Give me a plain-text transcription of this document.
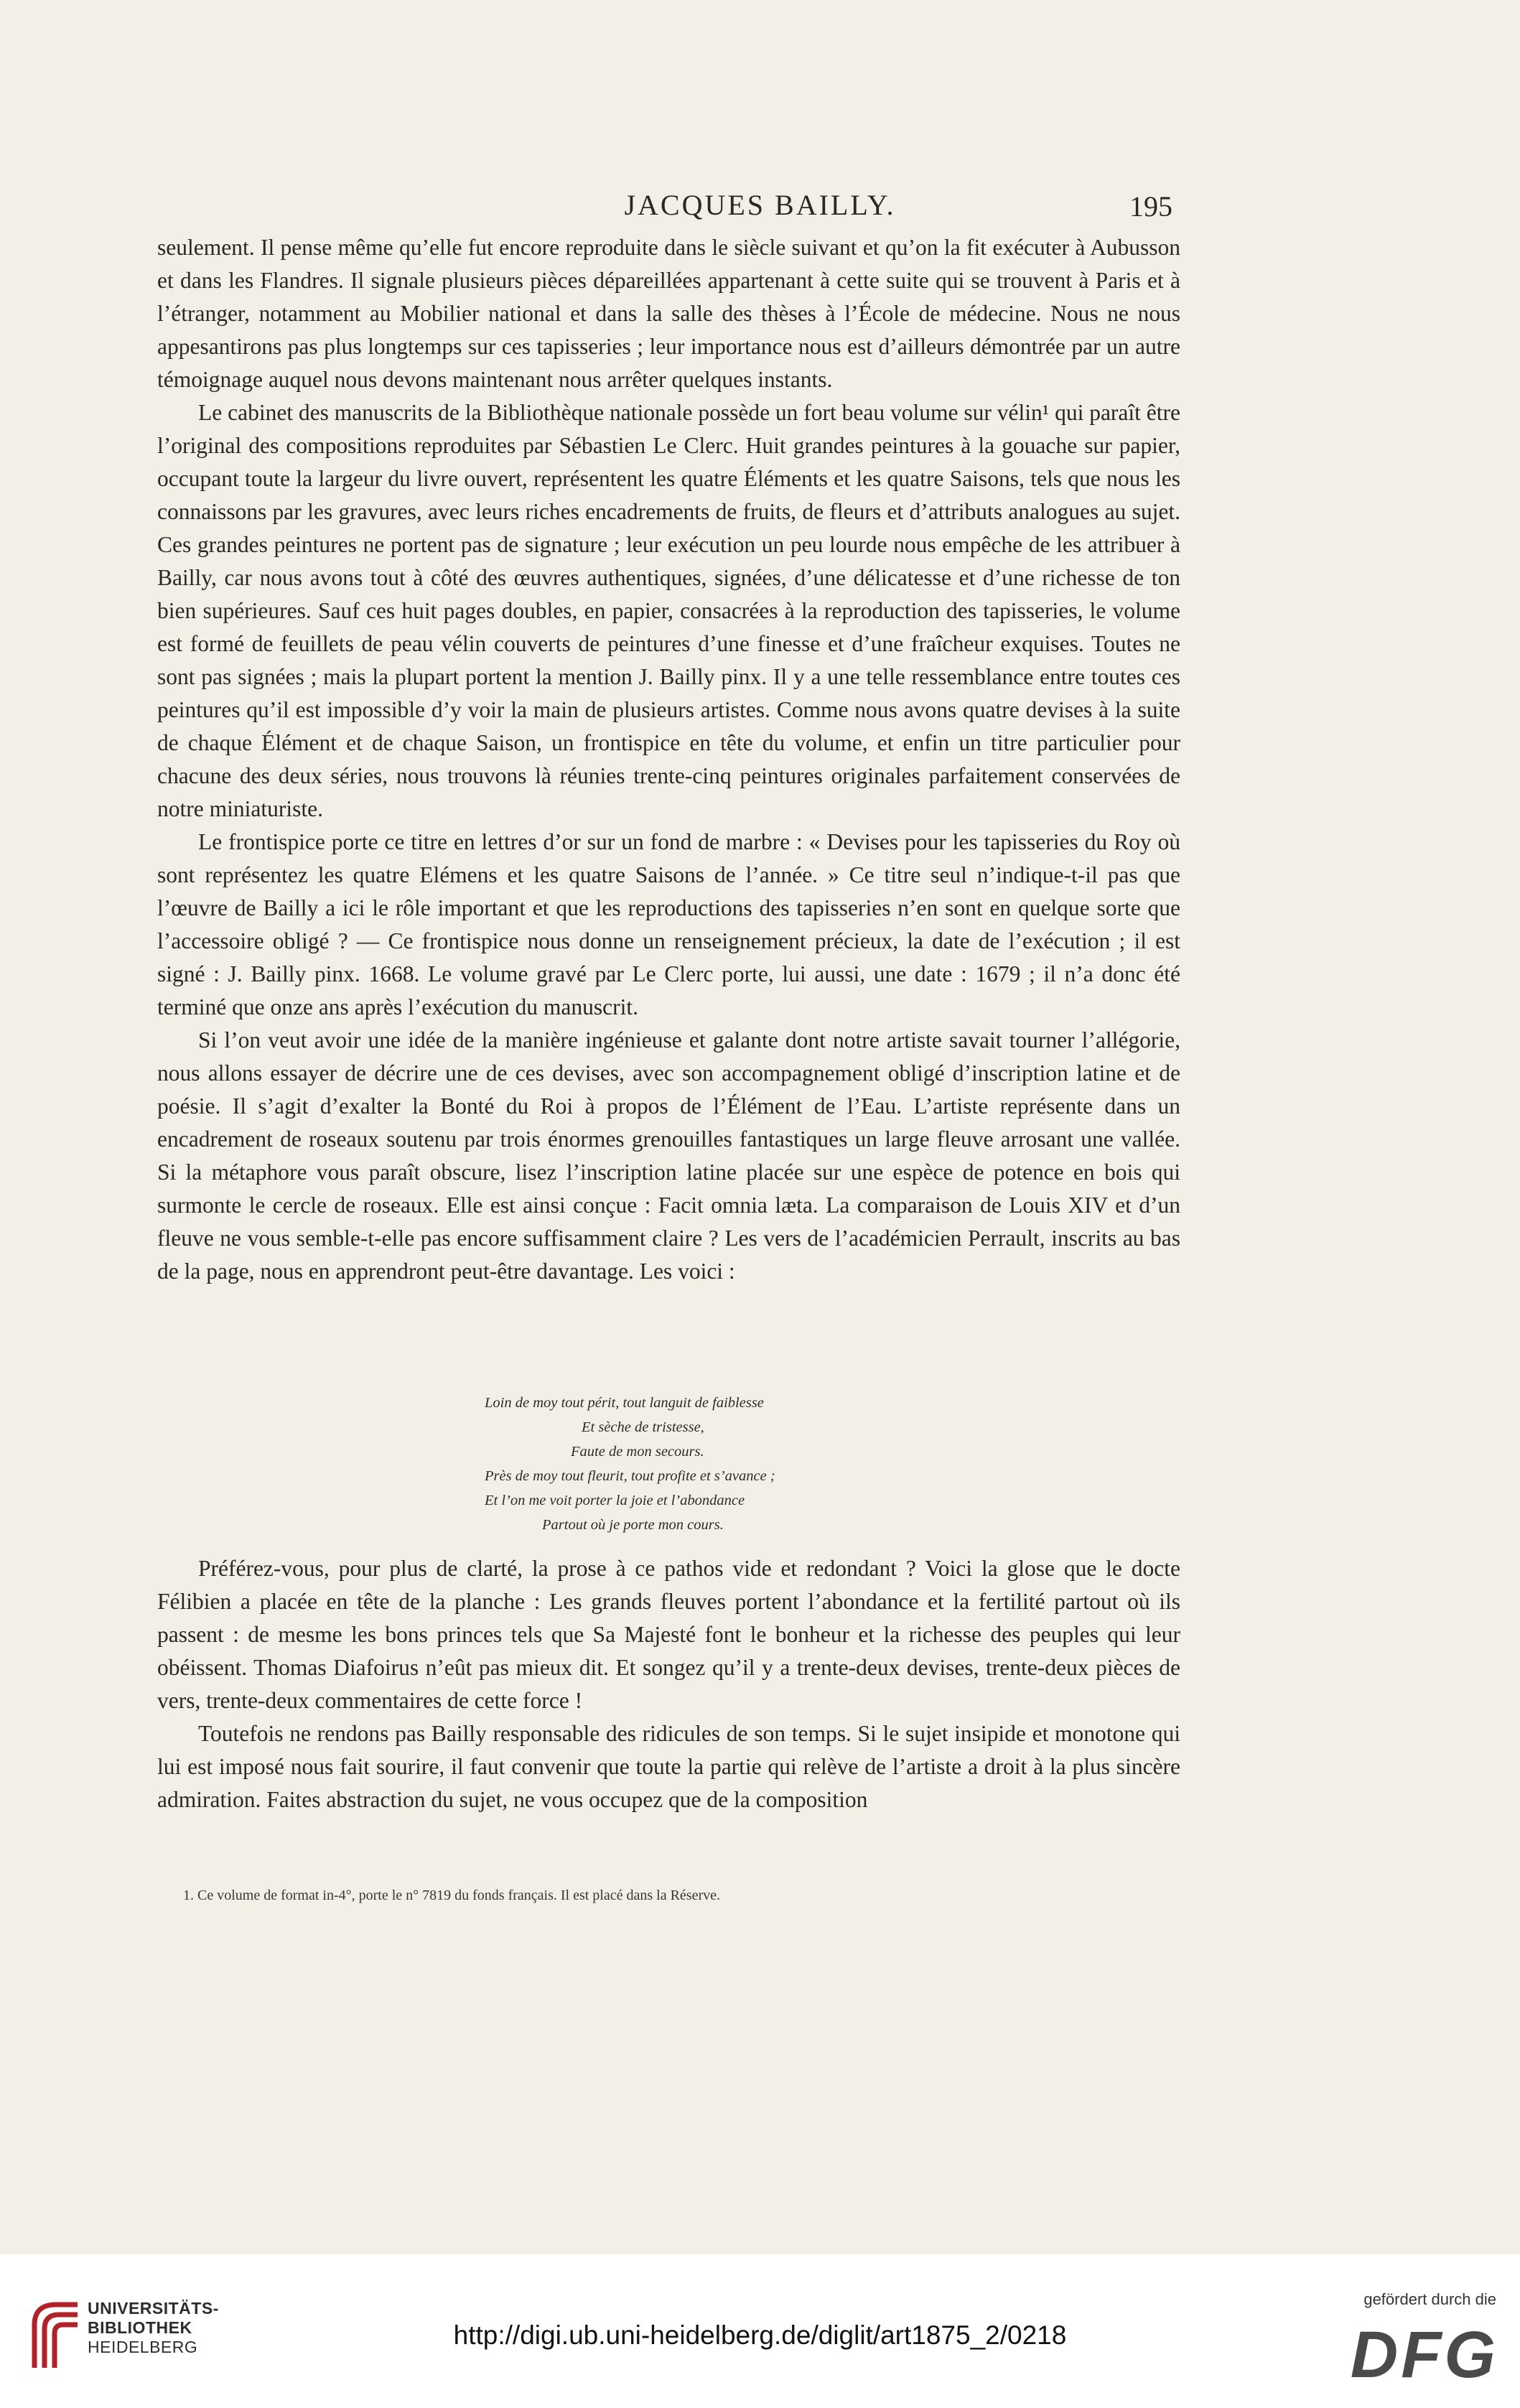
JACQUES BAILLY.	195

seulement. Il pense même qu’elle fut encore reproduite dans le siècle suivant et qu’on la fit exécuter à Aubusson et dans les Flandres. Il signale plusieurs pièces dépareillées appartenant à cette suite qui se trouvent à Paris et à l’étranger, notamment au Mobilier national et dans la salle des thèses à l’École de médecine. Nous ne nous appesantirons pas plus longtemps sur ces tapisseries ; leur importance nous est d’ailleurs démontrée par un autre témoignage auquel nous devons maintenant nous arrêter quelques instants.

Le cabinet des manuscrits de la Bibliothèque nationale possède un fort beau volume sur vélin¹ qui paraît être l’original des compositions reproduites par Sébastien Le Clerc. Huit grandes peintures à la gouache sur papier, occupant toute la largeur du livre ouvert, représentent les quatre Éléments et les quatre Saisons, tels que nous les connaissons par les gravures, avec leurs riches encadrements de fruits, de fleurs et d’attributs analogues au sujet. Ces grandes peintures ne portent pas de signature ; leur exécution un peu lourde nous empêche de les attribuer à Bailly, car nous avons tout à côté des œuvres authentiques, signées, d’une délicatesse et d’une richesse de ton bien supérieures. Sauf ces huit pages doubles, en papier, consacrées à la reproduction des tapisseries, le volume est formé de feuillets de peau vélin couverts de peintures d’une finesse et d’une fraîcheur exquises. Toutes ne sont pas signées ; mais la plupart portent la mention J. Bailly pinx. Il y a une telle ressemblance entre toutes ces peintures qu’il est impossible d’y voir la main de plusieurs artistes. Comme nous avons quatre devises à la suite de chaque Élément et de chaque Saison, un frontispice en tête du volume, et enfin un titre particulier pour chacune des deux séries, nous trouvons là réunies trente-cinq peintures originales parfaitement conservées de notre miniaturiste.

Le frontispice porte ce titre en lettres d’or sur un fond de marbre : « Devises pour les tapisseries du Roy où sont représentez les quatre Elémens et les quatre Saisons de l’année. » Ce titre seul n’indique-t-il pas que l’œuvre de Bailly a ici le rôle important et que les reproductions des tapisseries n’en sont en quelque sorte que l’accessoire obligé ? — Ce frontispice nous donne un renseignement précieux, la date de l’exécution ; il est signé : J. Bailly pinx. 1668. Le volume gravé par Le Clerc porte, lui aussi, une date : 1679 ; il n’a donc été terminé que onze ans après l’exécution du manuscrit.

Si l’on veut avoir une idée de la manière ingénieuse et galante dont notre artiste savait tourner l’allégorie, nous allons essayer de décrire une de ces devises, avec son accompagnement obligé d’inscription latine et de poésie. Il s’agit d’exalter la Bonté du Roi à propos de l’Élément de l’Eau. L’artiste représente dans un encadrement de roseaux soutenu par trois énormes grenouilles fantastiques un large fleuve arrosant une vallée. Si la métaphore vous paraît obscure, lisez l’inscription latine placée sur une espèce de potence en bois qui surmonte le cercle de roseaux. Elle est ainsi conçue : Facit omnia læta. La comparaison de Louis XIV et d’un fleuve ne vous semble-t-elle pas encore suffisamment claire ? Les vers de l’académicien Perrault, inscrits au bas de la page, nous en apprendront peut-être davantage. Les voici :

Loin de moy tout périt, tout languit de faiblesse
Et sèche de tristesse,
Faute de mon secours.
Près de moy tout fleurit, tout profite et s’avance ;
Et l’on me voit porter la joie et l’abondance
Partout où je porte mon cours.

Préférez-vous, pour plus de clarté, la prose à ce pathos vide et redondant ? Voici la glose que le docte Félibien a placée en tête de la planche : Les grands fleuves portent l’abondance et la fertilité partout où ils passent : de mesme les bons princes tels que Sa Majesté font le bonheur et la richesse des peuples qui leur obéissent. Thomas Diafoirus n’eût pas mieux dit. Et songez qu’il y a trente-deux devises, trente-deux pièces de vers, trente-deux commentaires de cette force !

Toutefois ne rendons pas Bailly responsable des ridicules de son temps. Si le sujet insipide et monotone qui lui est imposé nous fait sourire, il faut convenir que toute la partie qui relève de l’artiste a droit à la plus sincère admiration. Faites abstraction du sujet, ne vous occupez que de la composition

1. Ce volume de format in-4°, porte le n° 7819 du fonds français. Il est placé dans la Réserve.
UNIVERSITÄTS-
BIBLIOTHEK
HEIDELBERG	http://digi.ub.uni-heidelberg.de/diglit/art1875_2/0218
gefördert durch die
DFG
